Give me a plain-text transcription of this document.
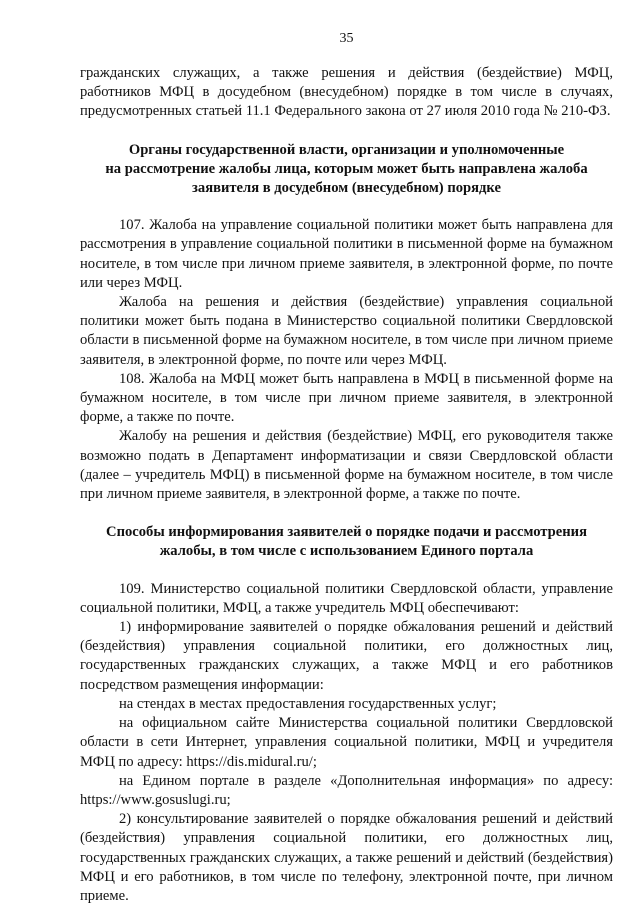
35

гражданских служащих, а также решения и действия (бездействие) МФЦ, работников МФЦ в досудебном (внесудебном) порядке в том числе в случаях, предусмотренных статьей 11.1 Федерального закона от 27 июля 2010 года № 210-ФЗ.

Органы государственной власти, организации и уполномоченные
на рассмотрение жалобы лица, которым может быть направлена жалоба
заявителя в досудебном (внесудебном) порядке

107. Жалоба на управление социальной политики может быть направлена для рассмотрения в управление социальной политики в письменной форме на бумажном носителе, в том числе при личном приеме заявителя, в электронной форме, по почте или через МФЦ.

Жалоба на решения и действия (бездействие) управления социальной политики может быть подана в Министерство социальной политики Свердловской области в письменной форме на бумажном носителе, в том числе при личном приеме заявителя, в электронной форме, по почте или через МФЦ.

108. Жалоба на МФЦ может быть направлена в МФЦ в письменной форме на бумажном носителе, в том числе при личном приеме заявителя, в электронной форме, а также по почте.

Жалобу на решения и действия (бездействие) МФЦ, его руководителя также возможно подать в Департамент информатизации и связи Свердловской области (далее – учредитель МФЦ) в письменной форме на бумажном носителе, в том числе при личном приеме заявителя, в электронной форме, а также по почте.

Способы информирования заявителей о порядке подачи и рассмотрения
жалобы, в том числе с использованием Единого портала

109. Министерство социальной политики Свердловской области, управление социальной политики, МФЦ, а также учредитель МФЦ обеспечивают:

1) информирование заявителей о порядке обжалования решений и действий (бездействия) управления социальной политики, его должностных лиц, государственных гражданских служащих, а также МФЦ и его работников посредством размещения информации:

на стендах в местах предоставления государственных услуг;

на официальном сайте Министерства социальной политики Свердловской области в сети Интернет, управления социальной политики, МФЦ и учредителя МФЦ по адресу: https://dis.midural.ru/;

на Едином портале в разделе «Дополнительная информация» по адресу: https://www.gosuslugi.ru;

2) консультирование заявителей о порядке обжалования решений и действий (бездействия) управления социальной политики, его должностных лиц, государственных гражданских служащих, а также решений и действий (бездействия) МФЦ и его работников, в том числе по телефону, электронной почте, при личном приеме.
